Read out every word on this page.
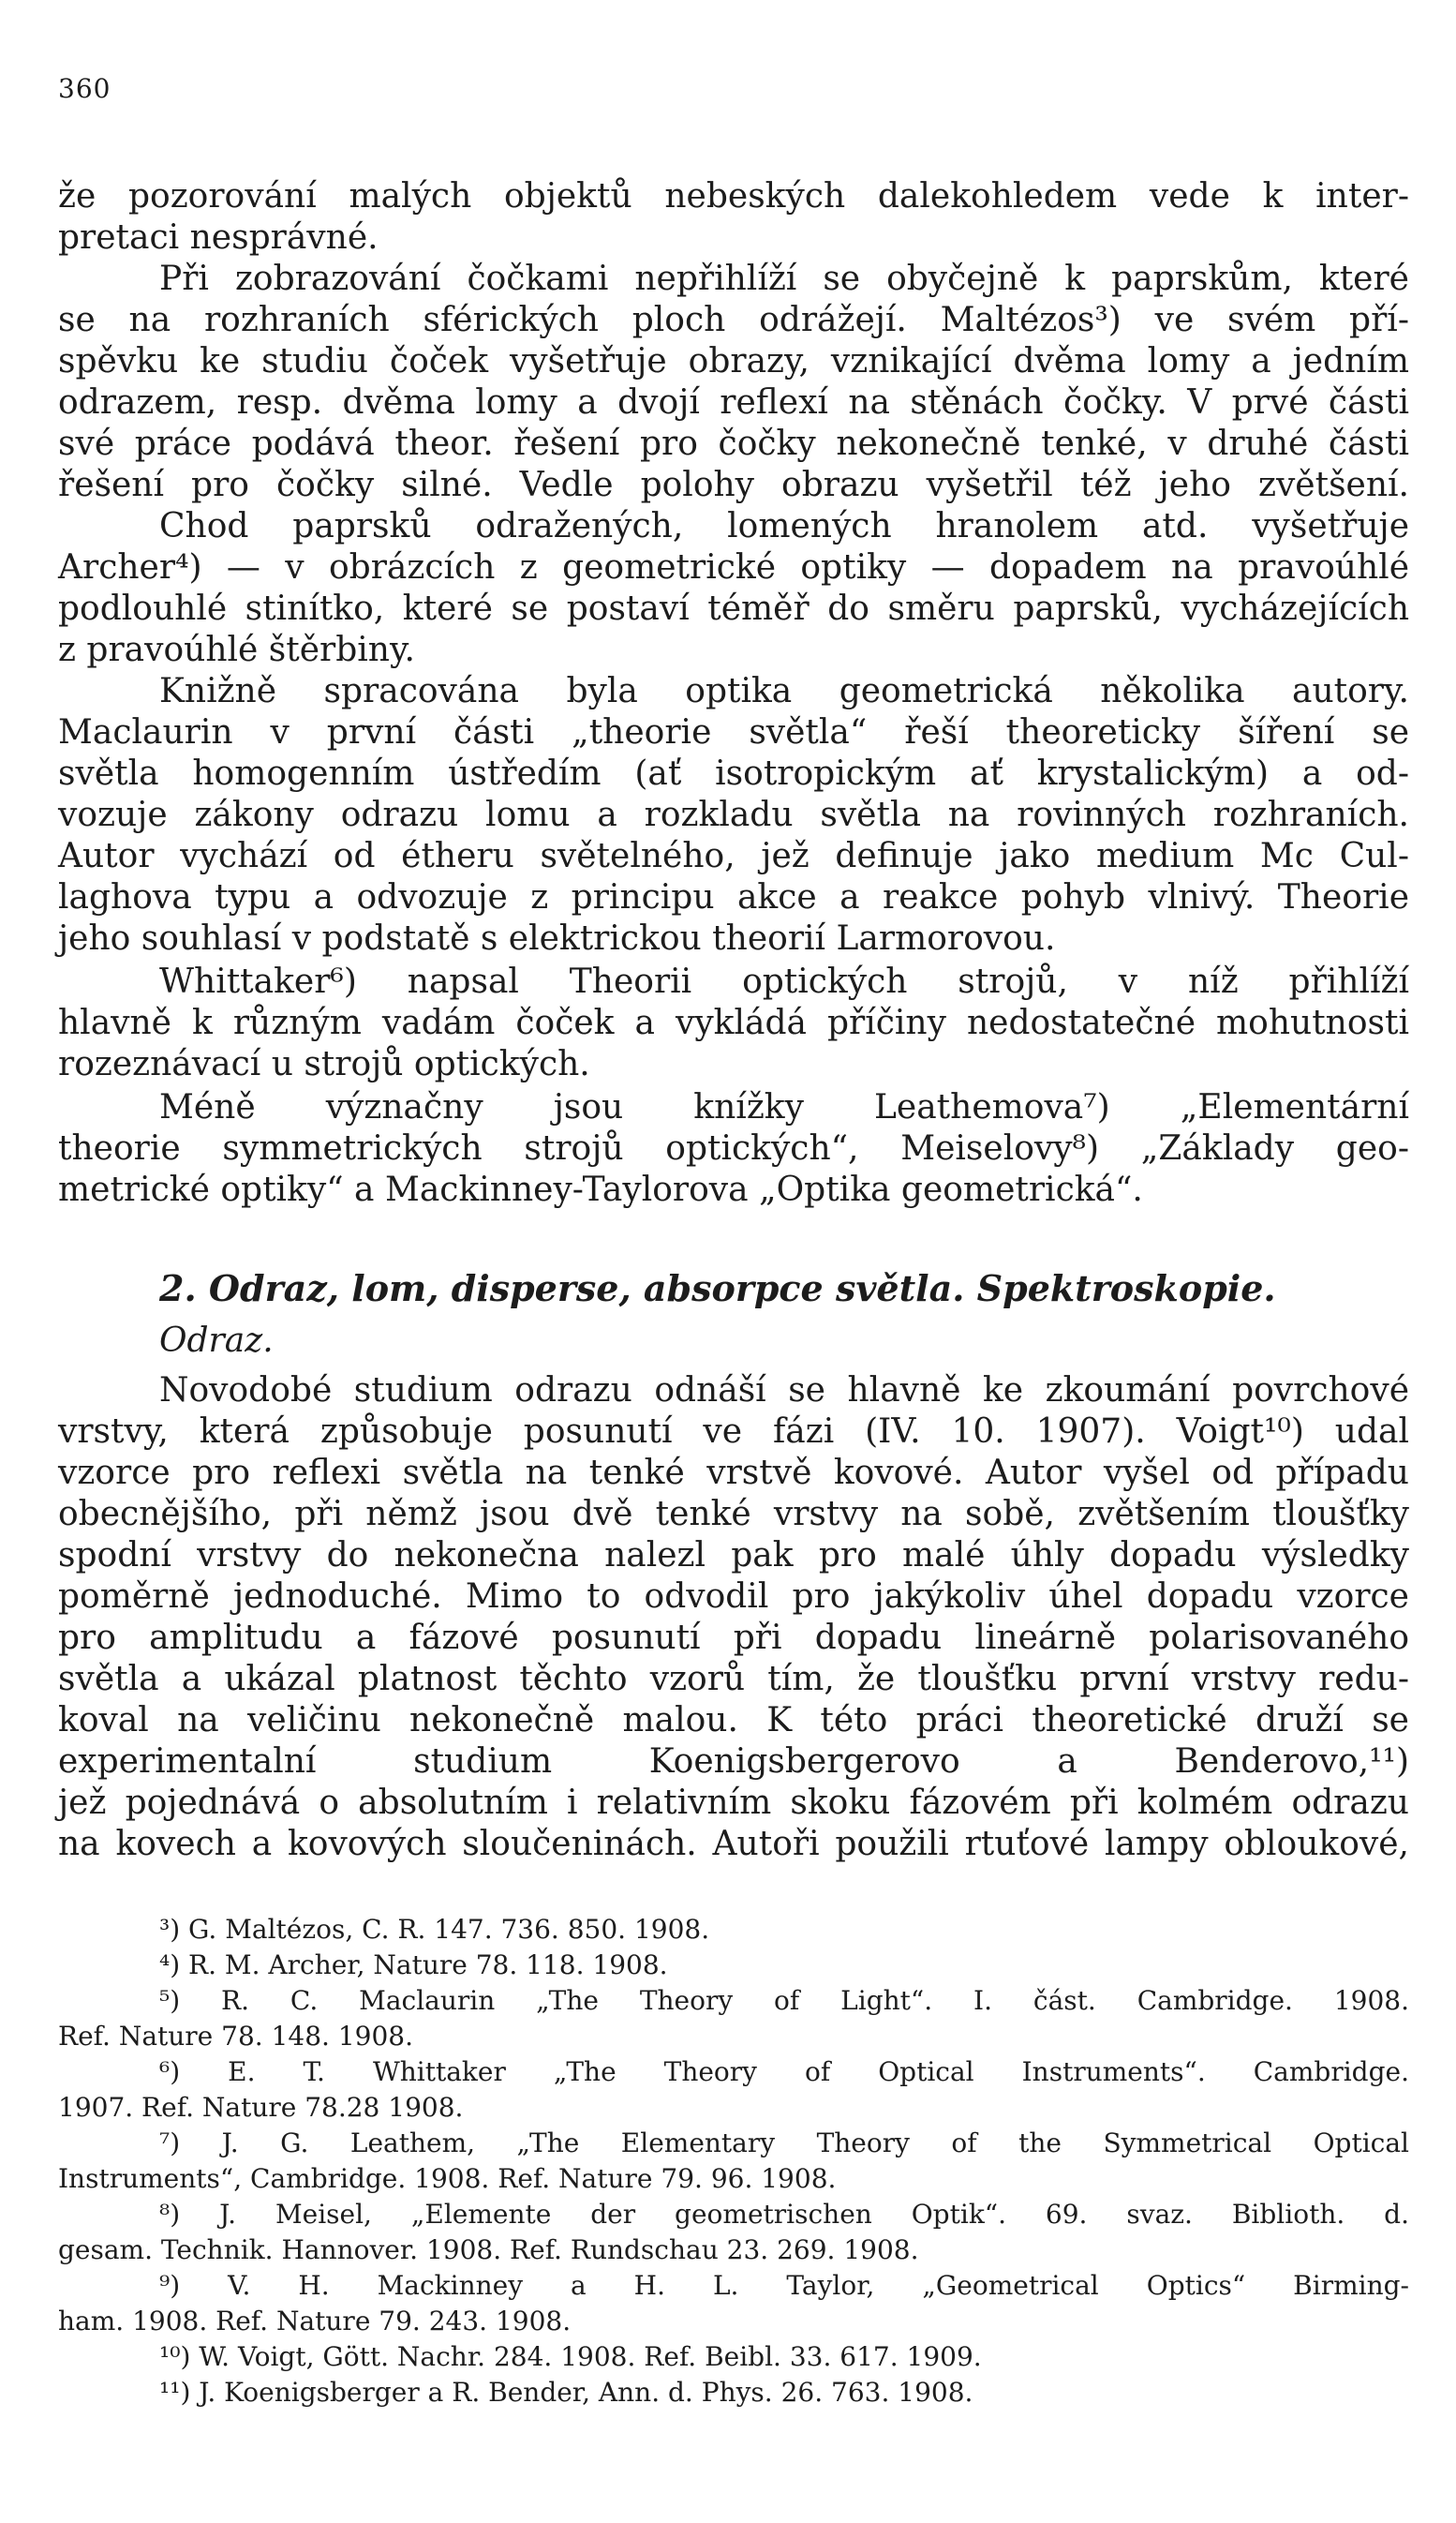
360
že pozorování malých objektů nebeských dalekohledem vede k inter-
pretaci nesprávné.
Při zobrazování čočkami nepřihlíží se obyčejně k paprskům, které
se na rozhraních sférických ploch odrážejí. Maltézos³) ve svém pří-
spěvku ke studiu čoček vyšetřuje obrazy, vznikající dvěma lomy a jedním
odrazem, resp. dvěma lomy a dvojí reflexí na stěnách čočky. V prvé části
své práce podává theor. řešení pro čočky nekonečně tenké, v druhé části
řešení pro čočky silné. Vedle polohy obrazu vyšetřil též jeho zvětšení.
Chod paprsků odražených, lomených hranolem atd. vyšetřuje
Archer⁴) — v obrázcích z geometrické optiky — dopadem na pravoúhlé
podlouhlé stinítko, které se postaví téměř do směru paprsků, vycházejících
z pravoúhlé štěrbiny.
Knižně spracována byla optika geometrická několika autory.
Maclaurin v první části „theorie světla“ řeší theoreticky šíření se
světla homogenním ústředím (ať isotropickým ať krystalickým) a od-
vozuje zákony odrazu lomu a rozkladu světla na rovinných rozhraních.
Autor vychází od étheru světelného, jež definuje jako medium Mc Cul-
laghova typu a odvozuje z principu akce a reakce pohyb vlnivý. Theorie
jeho souhlasí v podstatě s elektrickou theorií Larmorovou.
Whittaker⁶) napsal Theorii optických strojů, v níž přihlíží
hlavně k různým vadám čoček a vykládá příčiny nedostatečné mohutnosti
rozeznávací u strojů optických.
Méně význačny jsou knížky Leathemova⁷) „Elementární
theorie symmetrických strojů optických“, Meiselovy⁸) „Základy geo-
metrické optiky“ a Mackinney-Taylorova „Optika geometrická“.
2. Odraz, lom, disperse, absorpce světla. Spektroskopie.
Odraz.
Novodobé studium odrazu odnáší se hlavně ke zkoumání povrchové
vrstvy, která způsobuje posunutí ve fázi (IV. 10. 1907). Voigt¹⁰) udal
vzorce pro reflexi světla na tenké vrstvě kovové. Autor vyšel od případu
obecnějšího, při němž jsou dvě tenké vrstvy na sobě, zvětšením tloušťky
spodní vrstvy do nekonečna nalezl pak pro malé úhly dopadu výsledky
poměrně jednoduché. Mimo to odvodil pro jakýkoliv úhel dopadu vzorce
pro amplitudu a fázové posunutí při dopadu lineárně polarisovaného
světla a ukázal platnost těchto vzorů tím, že tloušťku první vrstvy redu-
koval na veličinu nekonečně malou. K této práci theoretické druží se
experimentalní studium Koenigsbergerovo a Benderovo,¹¹)
jež pojednává o absolutním i relativním skoku fázovém při kolmém odrazu
na kovech a kovových sloučeninách. Autoři použili rtuťové lampy obloukové,
³) G. Maltézos, C. R. 147. 736. 850. 1908.
⁴) R. M. Archer, Nature 78. 118. 1908.
⁵) R. C. Maclaurin „The Theory of Light“. I. část. Cambridge. 1908.
Ref. Nature 78. 148. 1908.
⁶) E. T. Whittaker „The Theory of Optical Instruments“. Cambridge.
1907. Ref. Nature 78.28 1908.
⁷) J. G. Leathem, „The Elementary Theory of the Symmetrical Optical
Instruments“, Cambridge. 1908. Ref. Nature 79. 96. 1908.
⁸) J. Meisel, „Elemente der geometrischen Optik“. 69. svaz. Biblioth. d.
gesam. Technik. Hannover. 1908. Ref. Rundschau 23. 269. 1908.
⁹) V. H. Mackinney a H. L. Taylor, „Geometrical Optics“ Birming-
ham. 1908. Ref. Nature 79. 243. 1908.
¹⁰) W. Voigt, Gött. Nachr. 284. 1908. Ref. Beibl. 33. 617. 1909.
¹¹) J. Koenigsberger a R. Bender, Ann. d. Phys. 26. 763. 1908.
